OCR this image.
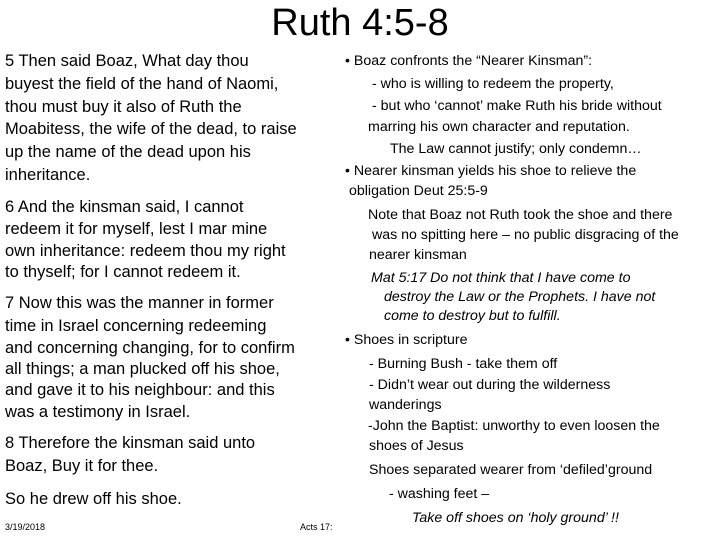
Ruth 4:5-8
5 Then said Boaz, What day thou
buyest the field of the hand of Naomi,
thou must buy it also of Ruth the
Moabitess, the wife of the dead, to raise
up the name of the dead upon his
inheritance.
6 And the kinsman said, I cannot
redeem it for myself, lest I mar mine
own inheritance: redeem thou my right
to thyself; for I cannot redeem it.
7 Now this was the manner in former
time in Israel concerning redeeming
and concerning changing, for to confirm
all things; a man plucked off his shoe,
and gave it to his neighbour: and this
was a testimony in Israel.
8 Therefore the kinsman said unto
Boaz, Buy it for thee.
So he drew off his shoe.
• Boaz confronts the “Nearer Kinsman”:
- who is willing to redeem the property,
- but who ‘cannot’ make Ruth his bride without
marring his own character and reputation.
The Law cannot justify; only condemn…
• Nearer kinsman yields his shoe to relieve the
obligation Deut 25:5-9
Note that Boaz not Ruth took the shoe and there
was no spitting here – no public disgracing of the
nearer kinsman
Mat 5:17 Do not think that I have come to
destroy the Law or the Prophets. I have not
come to destroy but to fulfill.
• Shoes in scripture
- Burning Bush - take them off
- Didn’t wear out during the wilderness
wanderings
-John the Baptist: unworthy to even loosen the
shoes of Jesus
Shoes separated wearer from ‘defiled’ground
- washing feet –
Take off shoes on ‘holy ground’ !!
3/19/2018	Acts 17:
